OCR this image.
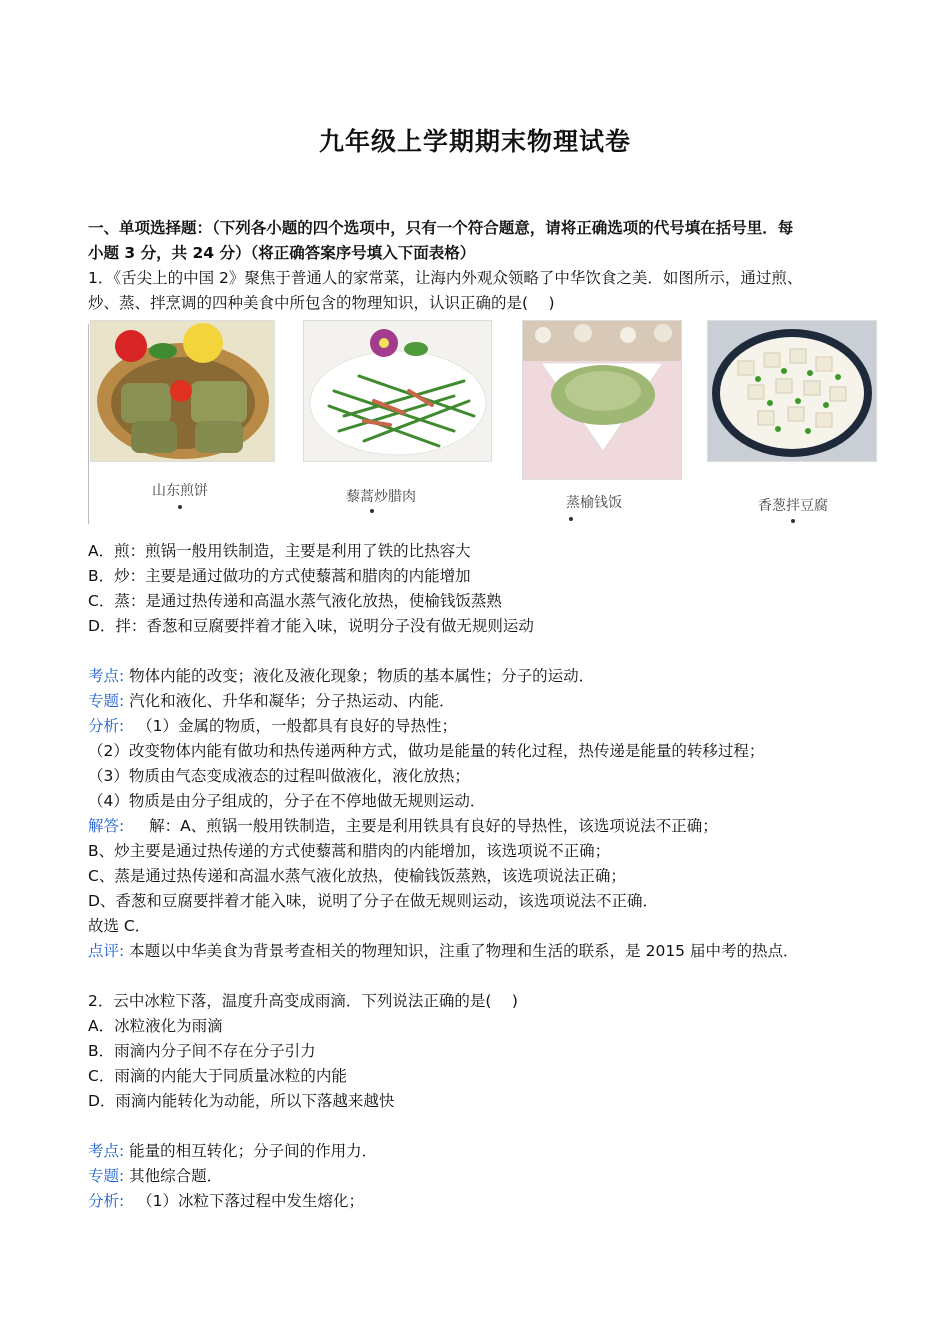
九年级上学期期末物理试卷
一、单项选择题：（下列各小题的四个选项中，只有一个符合题意，请将正确选项的代号填在括号里．每
小题 3 分，共 24 分）（将正确答案序号填入下面表格）
1．《舌尖上的中国 2》聚焦于普通人的家常菜，让海内外观众领略了中华饮食之美．如图所示，通过煎、
炒、蒸、拌烹调的四种美食中所包含的物理知识，认识正确的是(　 )
山东煎饼	藜蒿炒腊肉	蒸榆钱饭	香葱拌豆腐
A．煎：煎锅一般用铁制造，主要是利用了铁的比热容大
B．炒：主要是通过做功的方式使藜蒿和腊肉的内能增加
C．蒸：是通过热传递和高温水蒸气液化放热，使榆钱饭蒸熟
D．拌：香葱和豆腐要拌着才能入味，说明分子没有做无规则运动
考点: 物体内能的改变；液化及液化现象；物质的基本属性；分子的运动．
专题: 汽化和液化、升华和凝华；分子热运动、内能．
分析: （1）金属的物质，一般都具有良好的导热性；
（2）改变物体内能有做功和热传递两种方式，做功是能量的转化过程，热传递是能量的转移过程；
（3）物质由气态变成液态的过程叫做液化，液化放热；
（4）物质是由分子组成的，分子在不停地做无规则运动．
解答: 解：A、煎锅一般用铁制造，主要是利用铁具有良好的导热性，该选项说法不正确；
B、炒主要是通过热传递的方式使藜蒿和腊肉的内能增加，该选项说不正确；
C、蒸是通过热传递和高温水蒸气液化放热，使榆钱饭蒸熟，该选项说法正确；
D、香葱和豆腐要拌着才能入味，说明了分子在做无规则运动，该选项说法不正确．
故选 C．
点评: 本题以中华美食为背景考查相关的物理知识，注重了物理和生活的联系，是 2015 届中考的热点．
2．云中冰粒下落，温度升高变成雨滴．下列说法正确的是(　 )
A．冰粒液化为雨滴
B．雨滴内分子间不存在分子引力
C．雨滴的内能大于同质量冰粒的内能
D．雨滴内能转化为动能，所以下落越来越快
考点: 能量的相互转化；分子间的作用力．
专题: 其他综合题．
分析: （1）冰粒下落过程中发生熔化；
